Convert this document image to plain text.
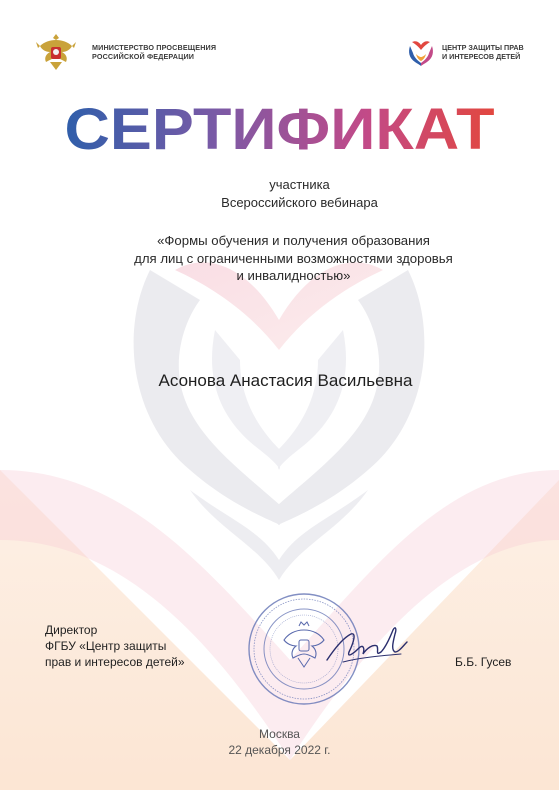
МИНИСТЕРСТВО ПРОСВЕЩЕНИЯ
РОССИЙСКОЙ ФЕДЕРАЦИИ
ЦЕНТР ЗАЩИТЫ ПРАВ
И ИНТЕРЕСОВ ДЕТЕЙ
СЕРТИФИКАТ
участника
Всероссийского вебинара
«Формы обучения и получения образования
для лиц с ограниченными возможностями здоровья
и инвалидностью»
Асонова Анастасия Васильевна
Директор
ФГБУ «Центр защиты
прав и интересов детей»	Б.Б. Гусев
Москва
22 декабря 2022 г.
